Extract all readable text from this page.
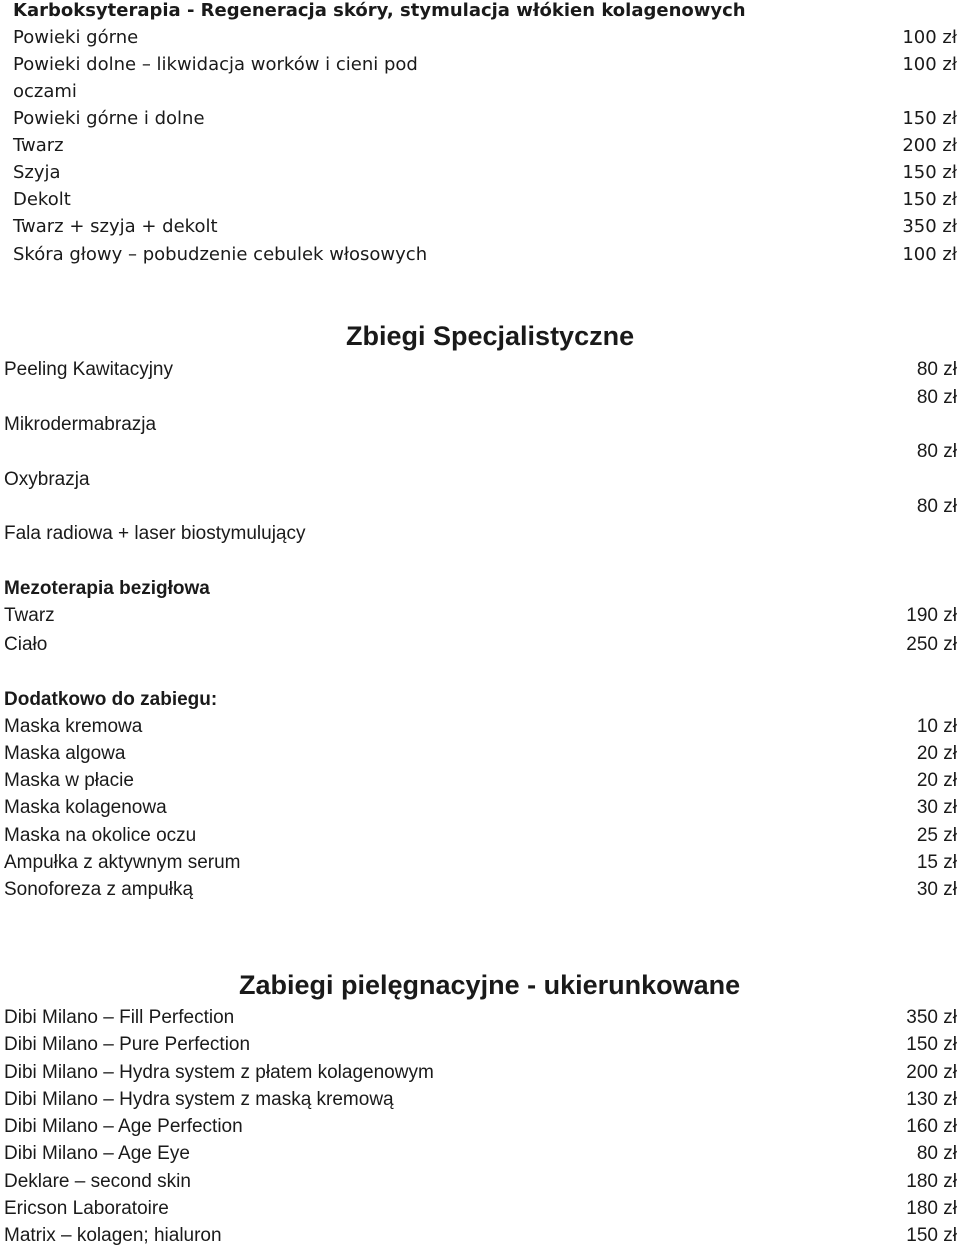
Karboksyterapia - Regeneracja skóry, stymulacja włókien kolagenowych
Powieki górne
Powieki dolne – likwidacja worków i cieni pod
oczami
Powieki górne i dolne
Twarz
Szyja
Dekolt
Twarz + szyja + dekolt
Skóra głowy – pobudzenie cebulek włosowych
100 zł
100 zł
150 zł
200 zł
150 zł
150 zł
350 zł
100 zł
Zbiegi Specjalistyczne
Peeling Kawitacyjny
Mikrodermabrazja
Oxybrazja
Fala radiowa + laser biostymulujący
80 zł
80 zł
80 zł
80 zł
Mezoterapia bezigłowa
Twarz
Ciało
190 zł
250 zł
Dodatkowo do zabiegu:
Maska kremowa
Maska algowa
Maska w płacie
Maska kolagenowa
Maska na okolice oczu
Ampułka z aktywnym serum
Sonoforeza z ampułką
10 zł
20 zł
20 zł
30 zł
25 zł
15 zł
30 zł
Zabiegi pielęgnacyjne - ukierunkowane
Dibi Milano – Fill Perfection
Dibi Milano – Pure Perfection
Dibi Milano – Hydra system z płatem kolagenowym
Dibi Milano – Hydra system z maską kremową
Dibi Milano – Age Perfection
Dibi Milano – Age Eye
Deklare – second skin
Ericson Laboratoire
Matrix – kolagen; hialuron
350 zł
150 zł
200 zł
130 zł
160 zł
80 zł
180 zł
180 zł
150 zł
